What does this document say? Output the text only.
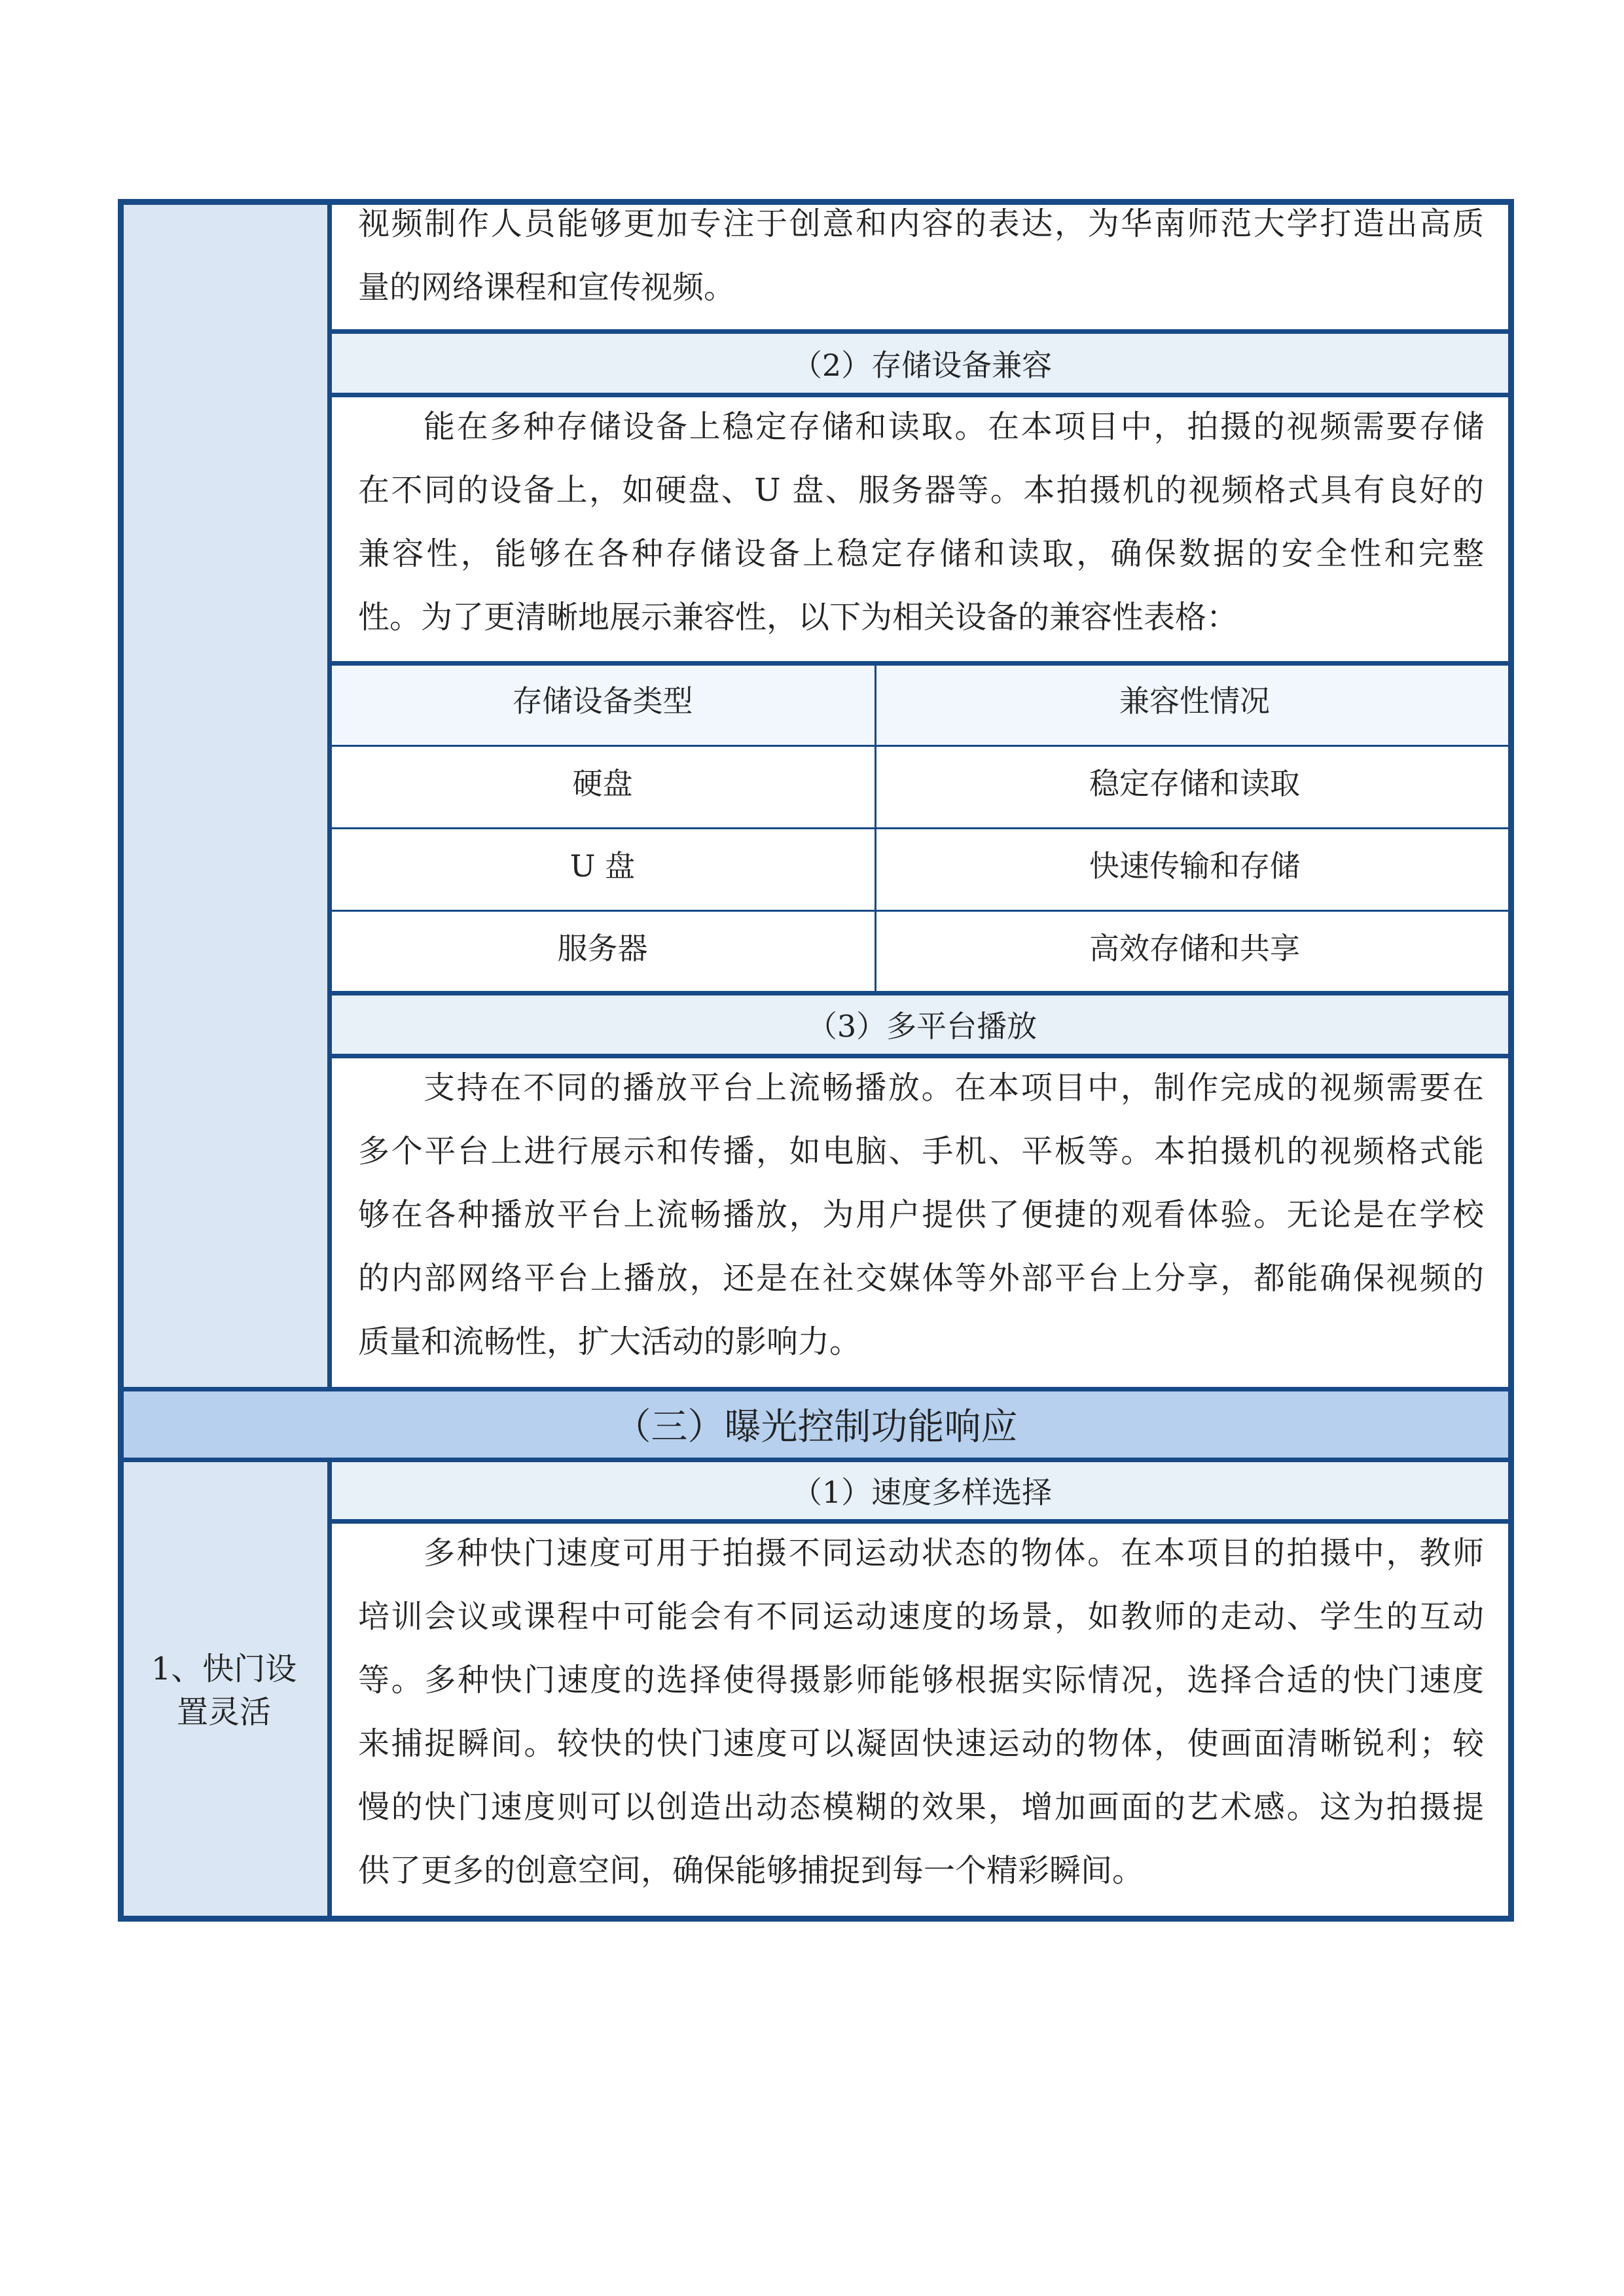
1、快门设
置灵活
视频制作人员能够更加专注于创意和内容的表达，为华南师范大学打造出高质
量的网络课程和宣传视频。
（2）存储设备兼容
能在多种存储设备上稳定存储和读取。在本项目中，拍摄的视频需要存储
在不同的设备上，如硬盘、U 盘、服务器等。本拍摄机的视频格式具有良好的
兼容性，能够在各种存储设备上稳定存储和读取，确保数据的安全性和完整
性。为了更清晰地展示兼容性，以下为相关设备的兼容性表格：
存储设备类型	兼容性情况
硬盘	稳定存储和读取
U 盘	快速传输和存储
服务器	高效存储和共享
（3）多平台播放
支持在不同的播放平台上流畅播放。在本项目中，制作完成的视频需要在
多个平台上进行展示和传播，如电脑、手机、平板等。本拍摄机的视频格式能
够在各种播放平台上流畅播放，为用户提供了便捷的观看体验。无论是在学校
的内部网络平台上播放，还是在社交媒体等外部平台上分享，都能确保视频的
质量和流畅性，扩大活动的影响力。
（三）曝光控制功能响应
（1）速度多样选择
多种快门速度可用于拍摄不同运动状态的物体。在本项目的拍摄中，教师
培训会议或课程中可能会有不同运动速度的场景，如教师的走动、学生的互动
等。多种快门速度的选择使得摄影师能够根据实际情况，选择合适的快门速度
来捕捉瞬间。较快的快门速度可以凝固快速运动的物体，使画面清晰锐利；较
慢的快门速度则可以创造出动态模糊的效果，增加画面的艺术感。这为拍摄提
供了更多的创意空间，确保能够捕捉到每一个精彩瞬间。
